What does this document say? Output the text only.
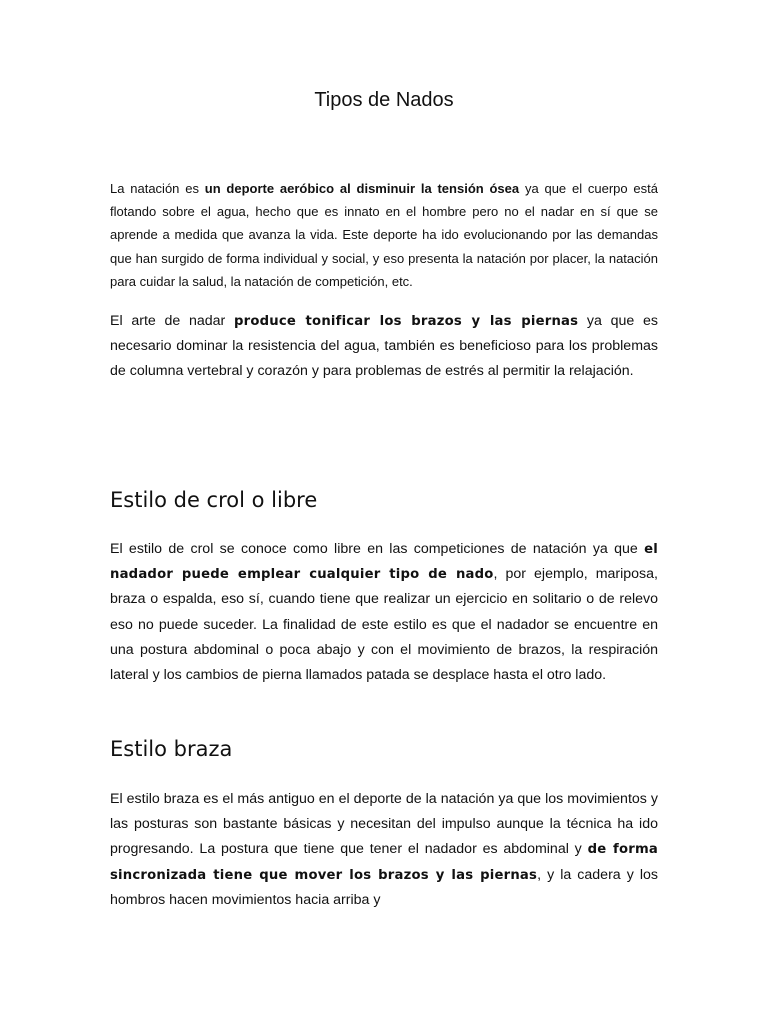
Tipos de Nados

La natación es un deporte aeróbico al disminuir la tensión ósea ya que el cuerpo está flotando sobre el agua, hecho que es innato en el hombre pero no el nadar en sí que se aprende a medida que avanza la vida. Este deporte ha ido evolucionando por las demandas que han surgido de forma individual y social, y eso presenta la natación por placer, la natación para cuidar la salud, la natación de competición, etc.

El arte de nadar produce tonificar los brazos y las piernas ya que es necesario dominar la resistencia del agua, también es beneficioso para los problemas de columna vertebral y corazón y para problemas de estrés al permitir la relajación.

Estilo de crol o libre

El estilo de crol se conoce como libre en las competiciones de natación ya que el nadador puede emplear cualquier tipo de nado, por ejemplo, mariposa, braza o espalda, eso sí, cuando tiene que realizar un ejercicio en solitario o de relevo eso no puede suceder. La finalidad de este estilo es que el nadador se encuentre en una postura abdominal o poca abajo y con el movimiento de brazos, la respiración lateral y los cambios de pierna llamados patada se desplace hasta el otro lado.

Estilo braza

El estilo braza es el más antiguo en el deporte de la natación ya que los movimientos y las posturas son bastante básicas y necesitan del impulso aunque la técnica ha ido progresando. La postura que tiene que tener el nadador es abdominal y de forma sincronizada tiene que mover los brazos y las piernas, y la cadera y los hombros hacen movimientos hacia arriba y
